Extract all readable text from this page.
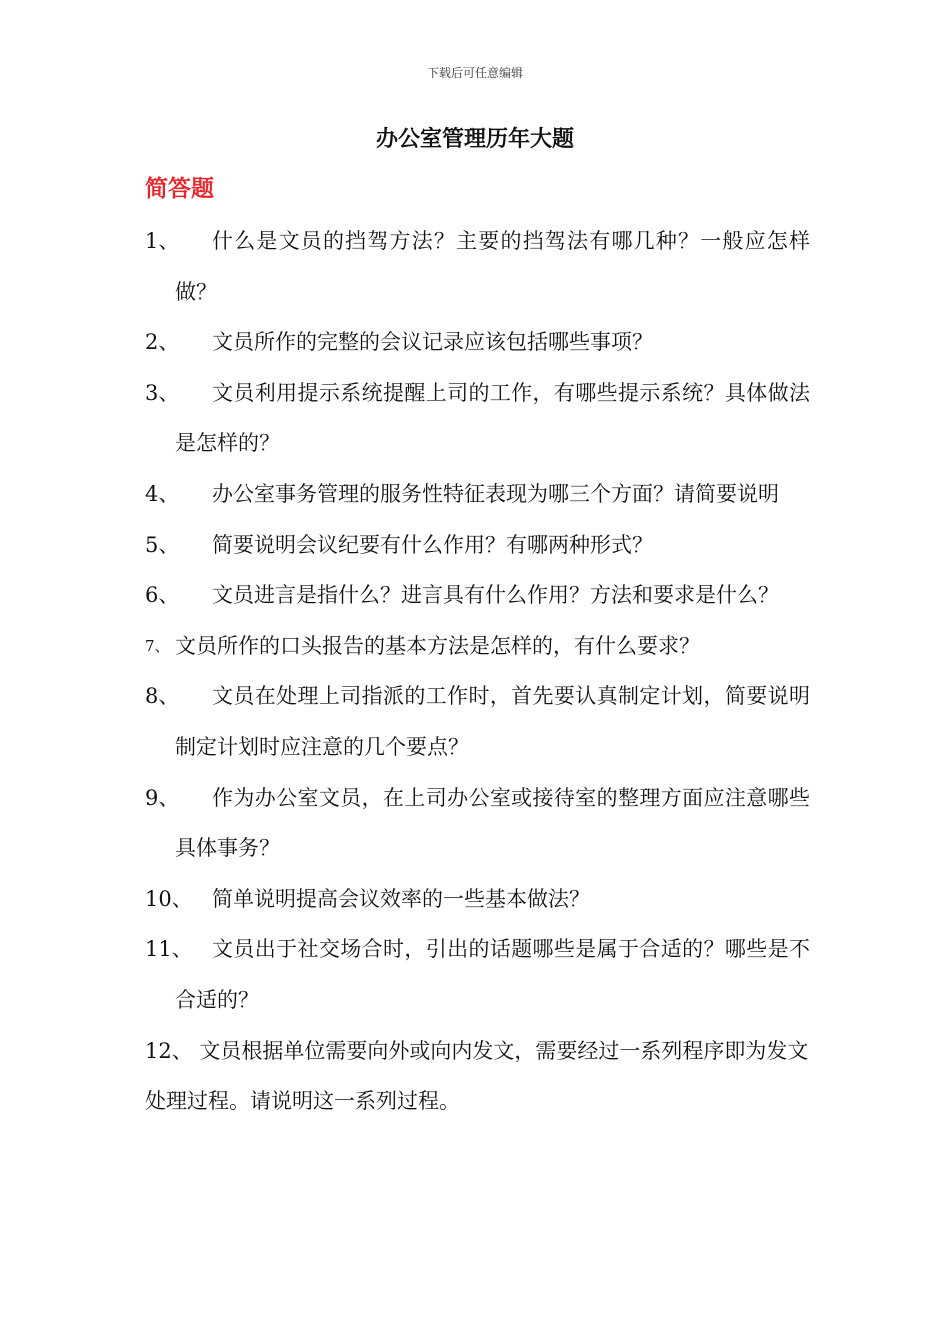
下载后可任意编辑
办公室管理历年大题
简答题
1、	什么是文员的挡驾方法？主要的挡驾法有哪几种？一般应怎样做？
2、	文员所作的完整的会议记录应该包括哪些事项？
3、	文员利用提示系统提醒上司的工作，有哪些提示系统？具体做法是怎样的？
4、	办公室事务管理的服务性特征表现为哪三个方面？请简要说明
5、	简要说明会议纪要有什么作用？有哪两种形式？
6、	文员进言是指什么？进言具有什么作用？方法和要求是什么？
7、 文员所作的口头报告的基本方法是怎样的，有什么要求？
8、	文员在处理上司指派的工作时，首先要认真制定计划，简要说明制定计划时应注意的几个要点？
9、	作为办公室文员，在上司办公室或接待室的整理方面应注意哪些具体事务？
10、 简单说明提高会议效率的一些基本做法？
11、 文员出于社交场合时，引出的话题哪些是属于合适的？哪些是不合适的？
12、 文员根据单位需要向外或向内发文，需要经过一系列程序即为发文处理过程。请说明这一系列过程。
